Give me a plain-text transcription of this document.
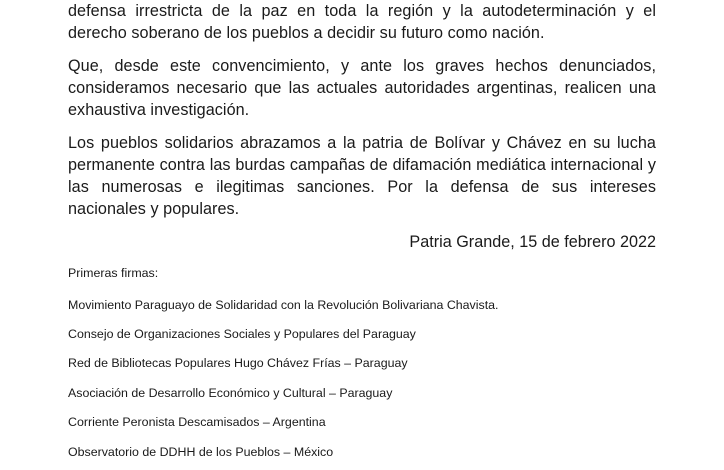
defensa irrestricta de la paz en toda la región y la autodeterminación y el derecho soberano de los pueblos a decidir su futuro como nación.

Que, desde este convencimiento, y ante los graves hechos denunciados, consideramos necesario que las actuales autoridades argentinas, realicen una exhaustiva investigación.

Los pueblos solidarios abrazamos a la patria de Bolívar y Chávez en su lucha permanente contra las burdas campañas de difamación mediática internacional y las numerosas e ilegitimas sanciones. Por la defensa de sus intereses nacionales y populares.

Patria Grande, 15 de febrero 2022

Primeras firmas:

Movimiento Paraguayo de Solidaridad con la Revolución Bolivariana Chavista.

Consejo de Organizaciones Sociales y Populares del Paraguay

Red de Bibliotecas Populares Hugo Chávez Frías – Paraguay

Asociación de Desarrollo Económico y Cultural – Paraguay

Corriente Peronista Descamisados – Argentina

Observatorio de DDHH de los Pueblos – México
